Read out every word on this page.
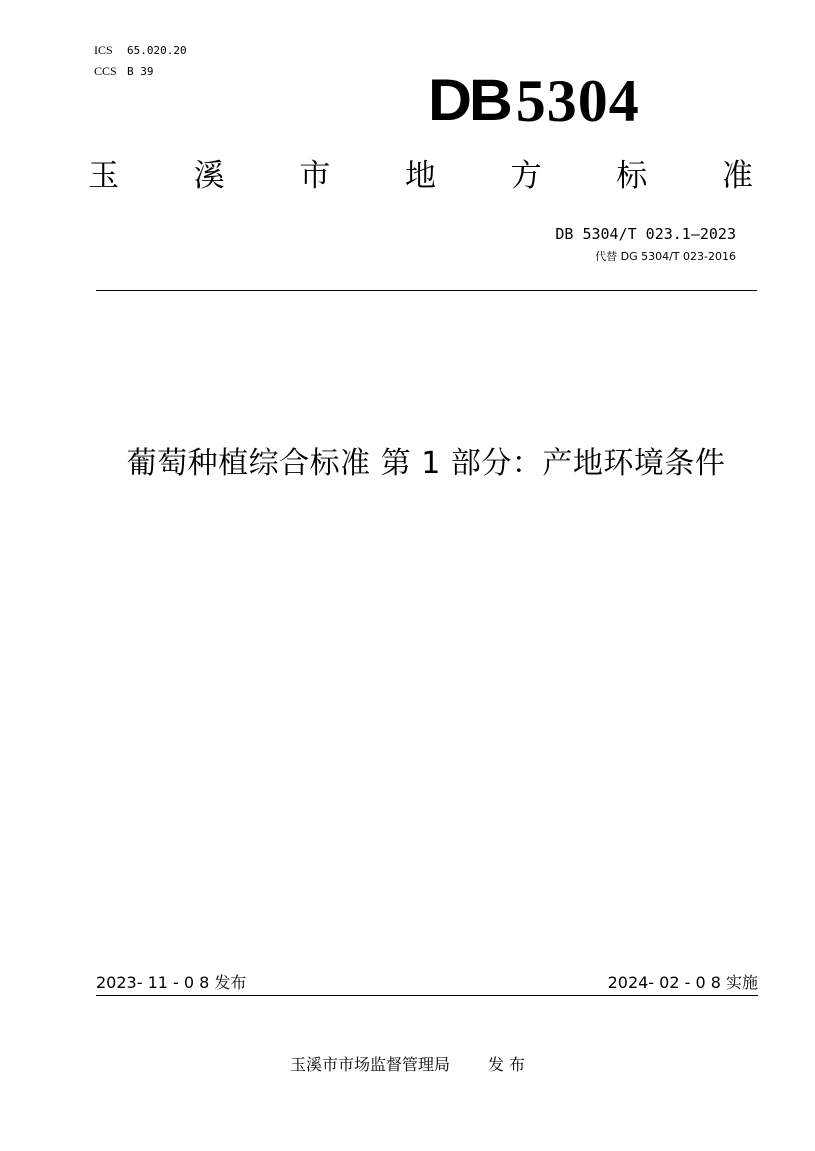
ICS 65.020.20
CCS B 39	DB 5304
玉 溪 市 地 方 标 准
DB 5304/T 023.1—2023
代替 DG 5304/T 023-2016
葡萄种植综合标准 第 1 部分：产地环境条件
2023- 11 - 0 8 发布	2024- 02 - 0 8 实施
玉溪市市场监督管理局 发 布
